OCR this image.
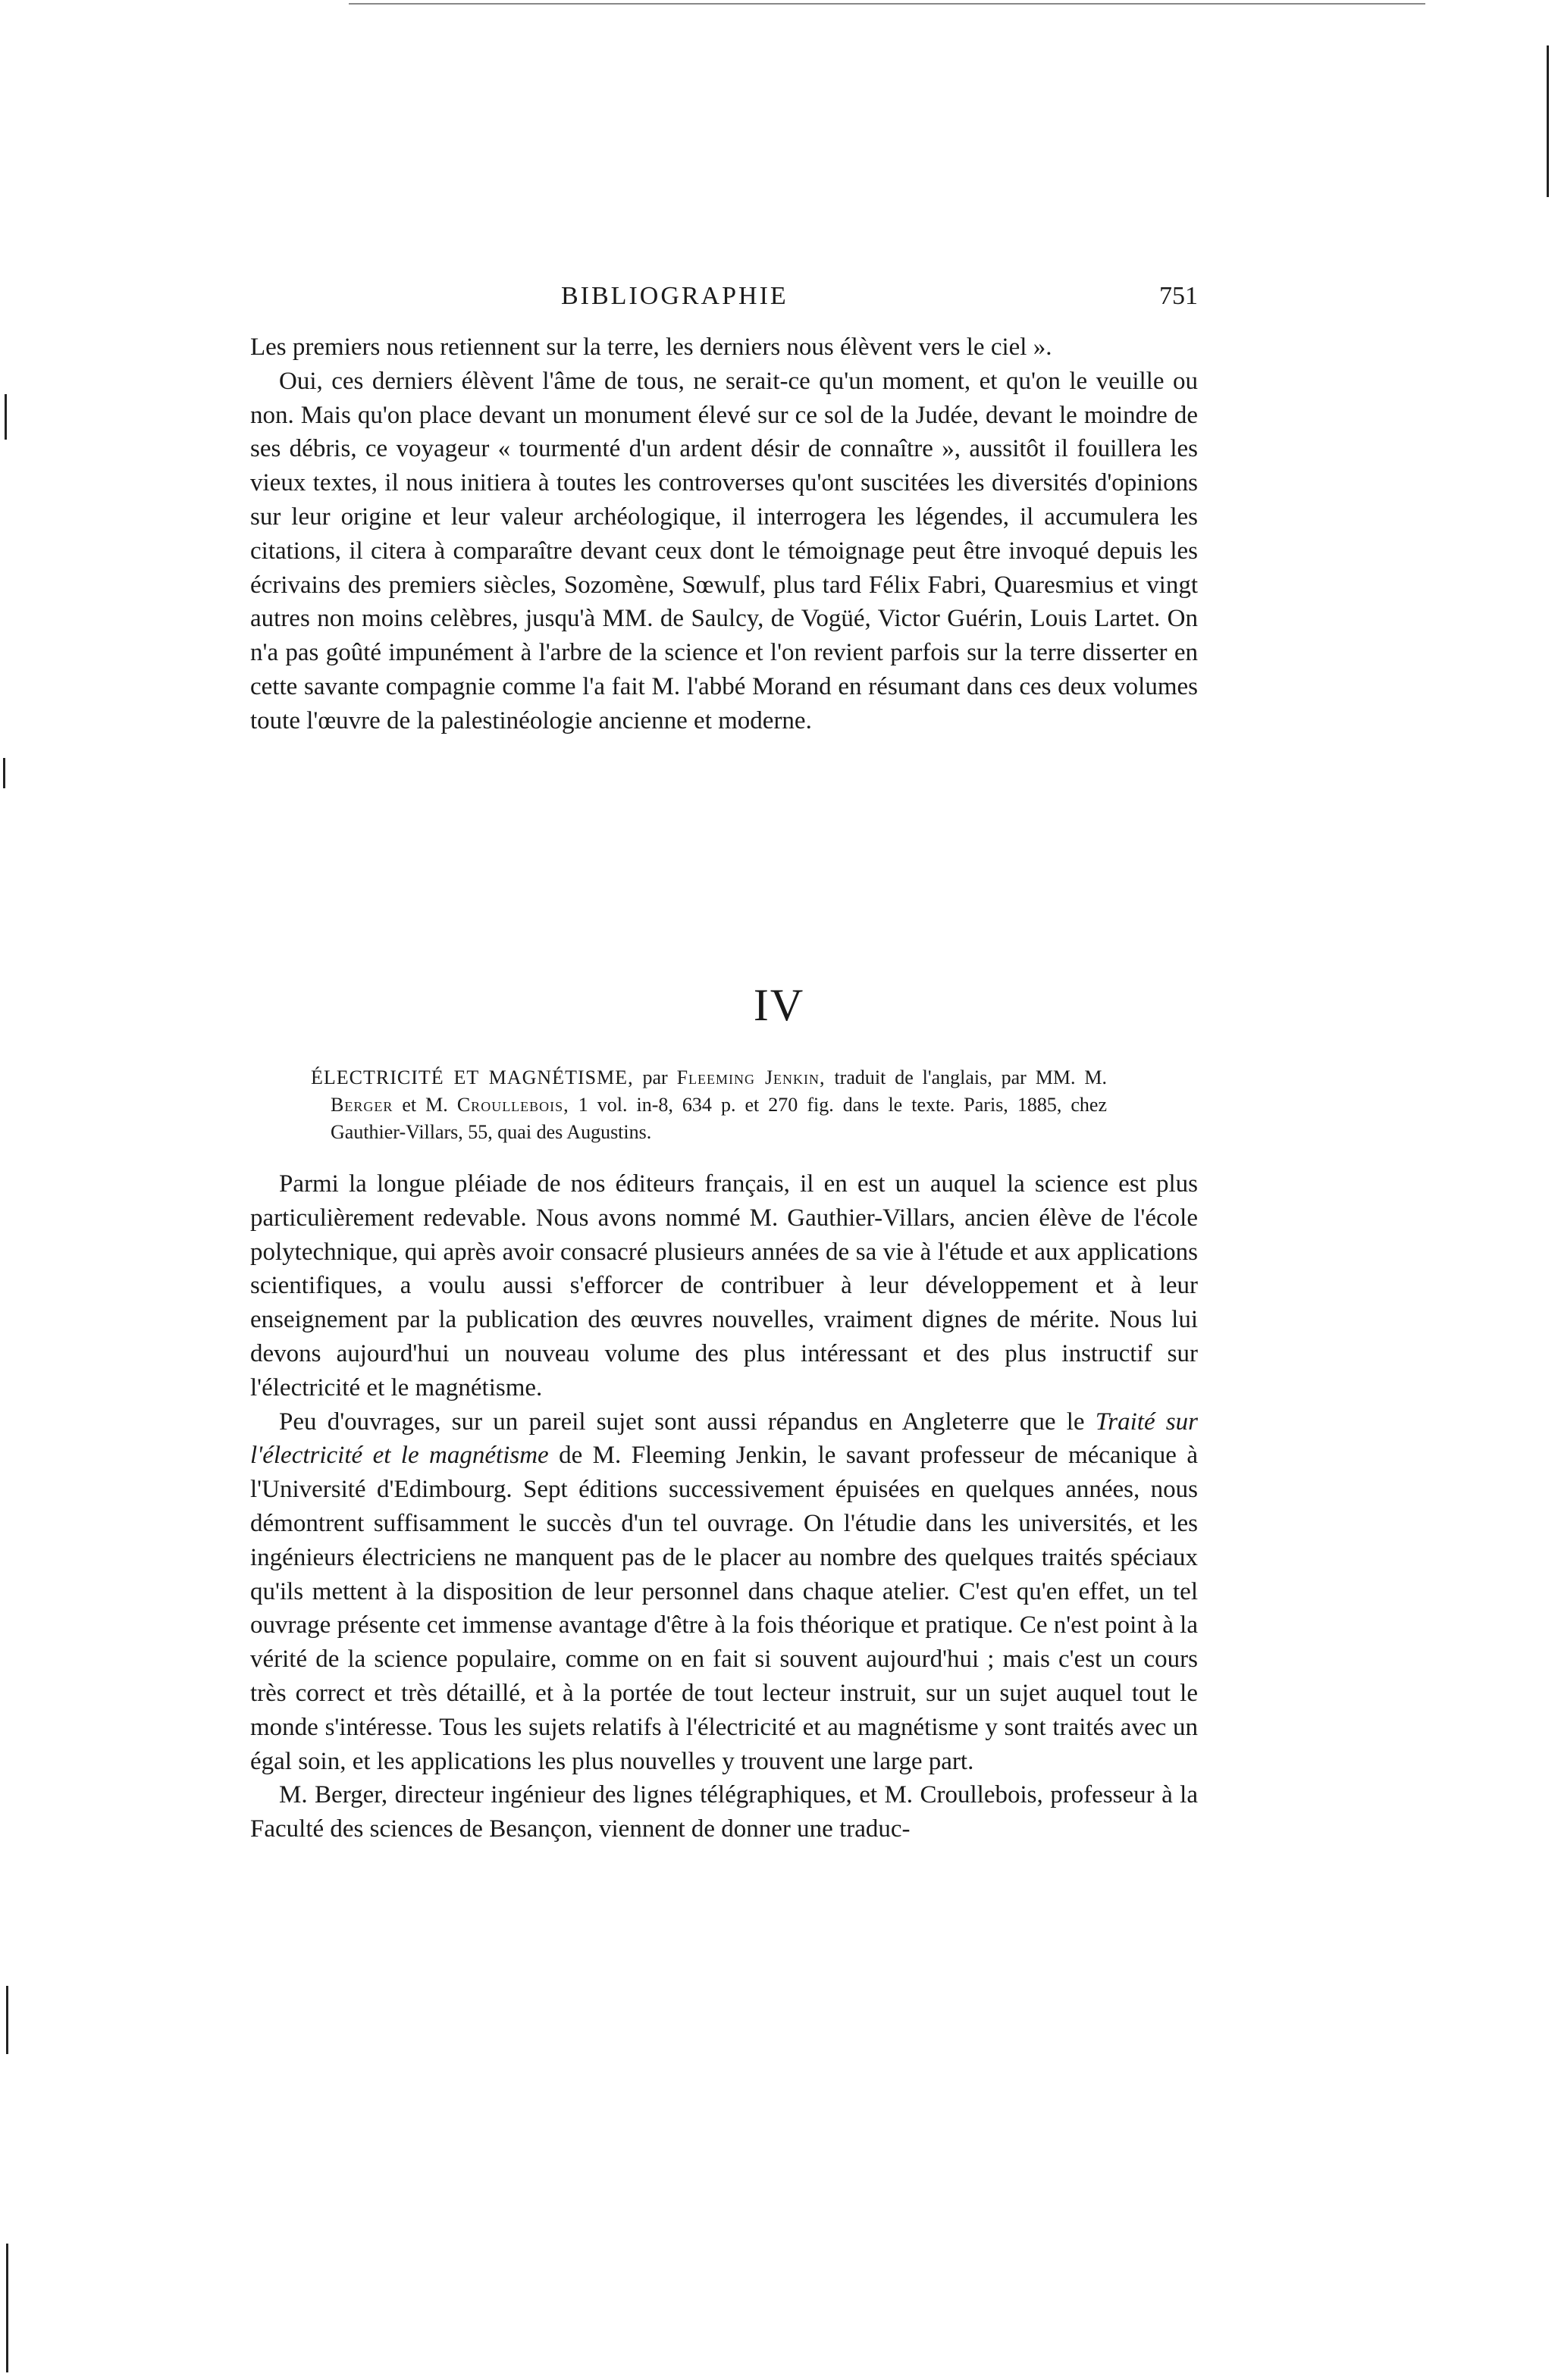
BIBLIOGRAPHIE	751

Les premiers nous retiennent sur la terre, les derniers nous élèvent vers le ciel ».

Oui, ces derniers élèvent l'âme de tous, ne serait-ce qu'un moment, et qu'on le veuille ou non. Mais qu'on place devant un monument élevé sur ce sol de la Judée, devant le moindre de ses débris, ce voyageur « tourmenté d'un ardent désir de connaître », aussitôt il fouillera les vieux textes, il nous initiera à toutes les controverses qu'ont suscitées les diversités d'opinions sur leur origine et leur valeur archéologique, il interrogera les légendes, il accumulera les citations, il citera à comparaître devant ceux dont le témoignage peut être invoqué depuis les écrivains des premiers siècles, Sozomène, Sœwulf, plus tard Félix Fabri, Quaresmius et vingt autres non moins celèbres, jusqu'à MM. de Saulcy, de Vogüé, Victor Guérin, Louis Lartet. On n'a pas goûté impunément à l'arbre de la science et l'on revient parfois sur la terre disserter en cette savante compagnie comme l'a fait M. l'abbé Morand en résumant dans ces deux volumes toute l'œuvre de la palestinéologie ancienne et moderne.

IV

ÉLECTRICITÉ ET MAGNÉTISME, par Fleeming Jenkin, traduit de l'anglais, par MM. M. Berger et M. Croullebois, 1 vol. in-8, 634 p. et 270 fig. dans le texte. Paris, 1885, chez Gauthier-Villars, 55, quai des Augustins.

Parmi la longue pléiade de nos éditeurs français, il en est un auquel la science est plus particulièrement redevable. Nous avons nommé M. Gauthier-Villars, ancien élève de l'école polytechnique, qui après avoir consacré plusieurs années de sa vie à l'étude et aux applications scientifiques, a voulu aussi s'efforcer de contribuer à leur développement et à leur enseignement par la publication des œuvres nouvelles, vraiment dignes de mérite. Nous lui devons aujourd'hui un nouveau volume des plus intéressant et des plus instructif sur l'électricité et le magnétisme.

Peu d'ouvrages, sur un pareil sujet sont aussi répandus en Angleterre que le Traité sur l'électricité et le magnétisme de M. Fleeming Jenkin, le savant professeur de mécanique à l'Université d'Edimbourg. Sept éditions successivement épuisées en quelques années, nous démontrent suffisamment le succès d'un tel ouvrage. On l'étudie dans les universités, et les ingénieurs électriciens ne manquent pas de le placer au nombre des quelques traités spéciaux qu'ils mettent à la disposition de leur personnel dans chaque atelier. C'est qu'en effet, un tel ouvrage présente cet immense avantage d'être à la fois théorique et pratique. Ce n'est point à la vérité de la science populaire, comme on en fait si souvent aujourd'hui ; mais c'est un cours très correct et très détaillé, et à la portée de tout lecteur instruit, sur un sujet auquel tout le monde s'intéresse. Tous les sujets relatifs à l'électricité et au magnétisme y sont traités avec un égal soin, et les applications les plus nouvelles y trouvent une large part.

M. Berger, directeur ingénieur des lignes télégraphiques, et M. Croullebois, professeur à la Faculté des sciences de Besançon, viennent de donner une traduc-
